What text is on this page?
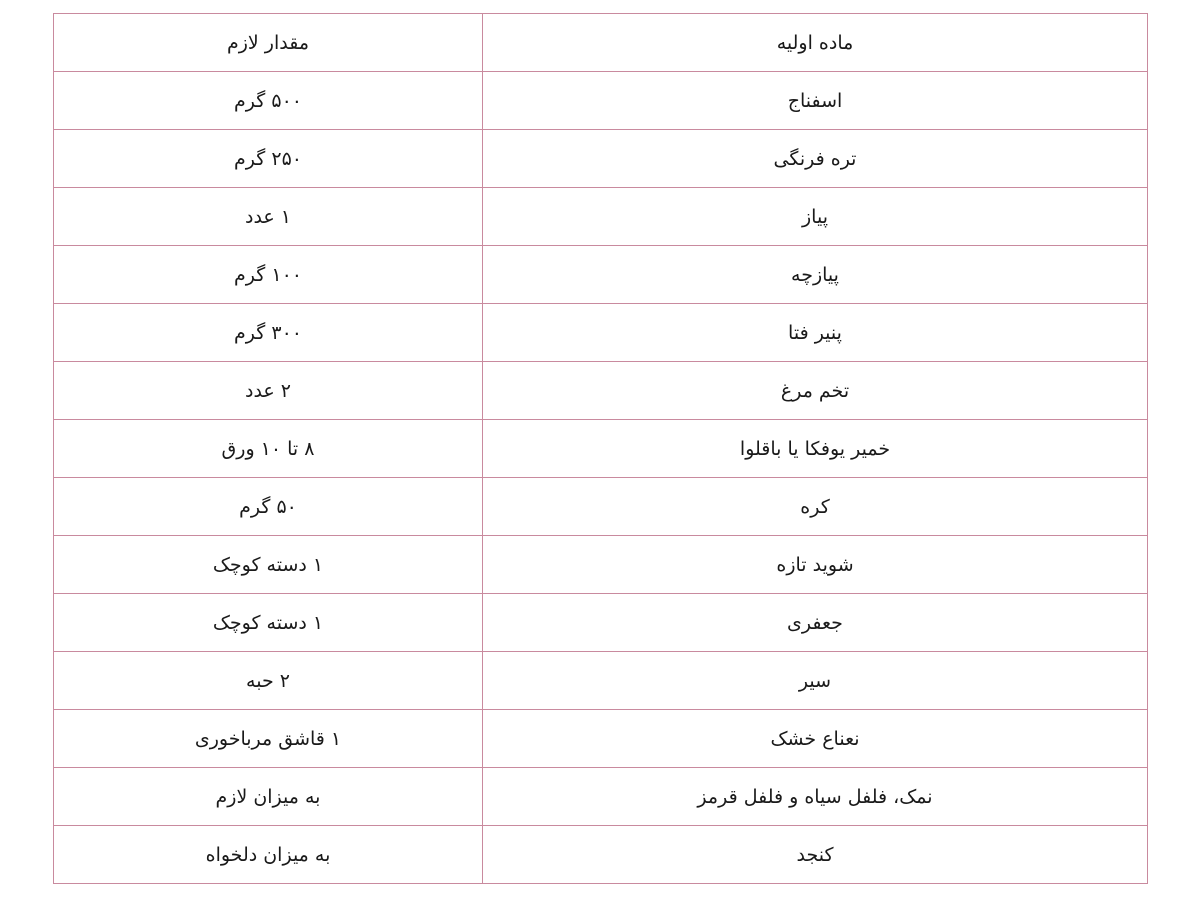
ماده اولیه	مقدار لازم
اسفناج	۵۰۰ گرم
تره فرنگی	۲۵۰ گرم
پیاز	۱ عدد
پیازچه	۱۰۰ گرم
پنیر فتا	۳۰۰ گرم
تخم مرغ	۲ عدد
خمیر یوفکا یا باقلوا	۸ تا ۱۰ ورق
کره	۵۰ گرم
شوید تازه	۱ دسته کوچک
جعفری	۱ دسته کوچک
سیر	۲ حبه
نعناع خشک	۱ قاشق مرباخوری
نمک، فلفل سیاه و فلفل قرمز	به میزان لازم
کنجد	به میزان دلخواه
